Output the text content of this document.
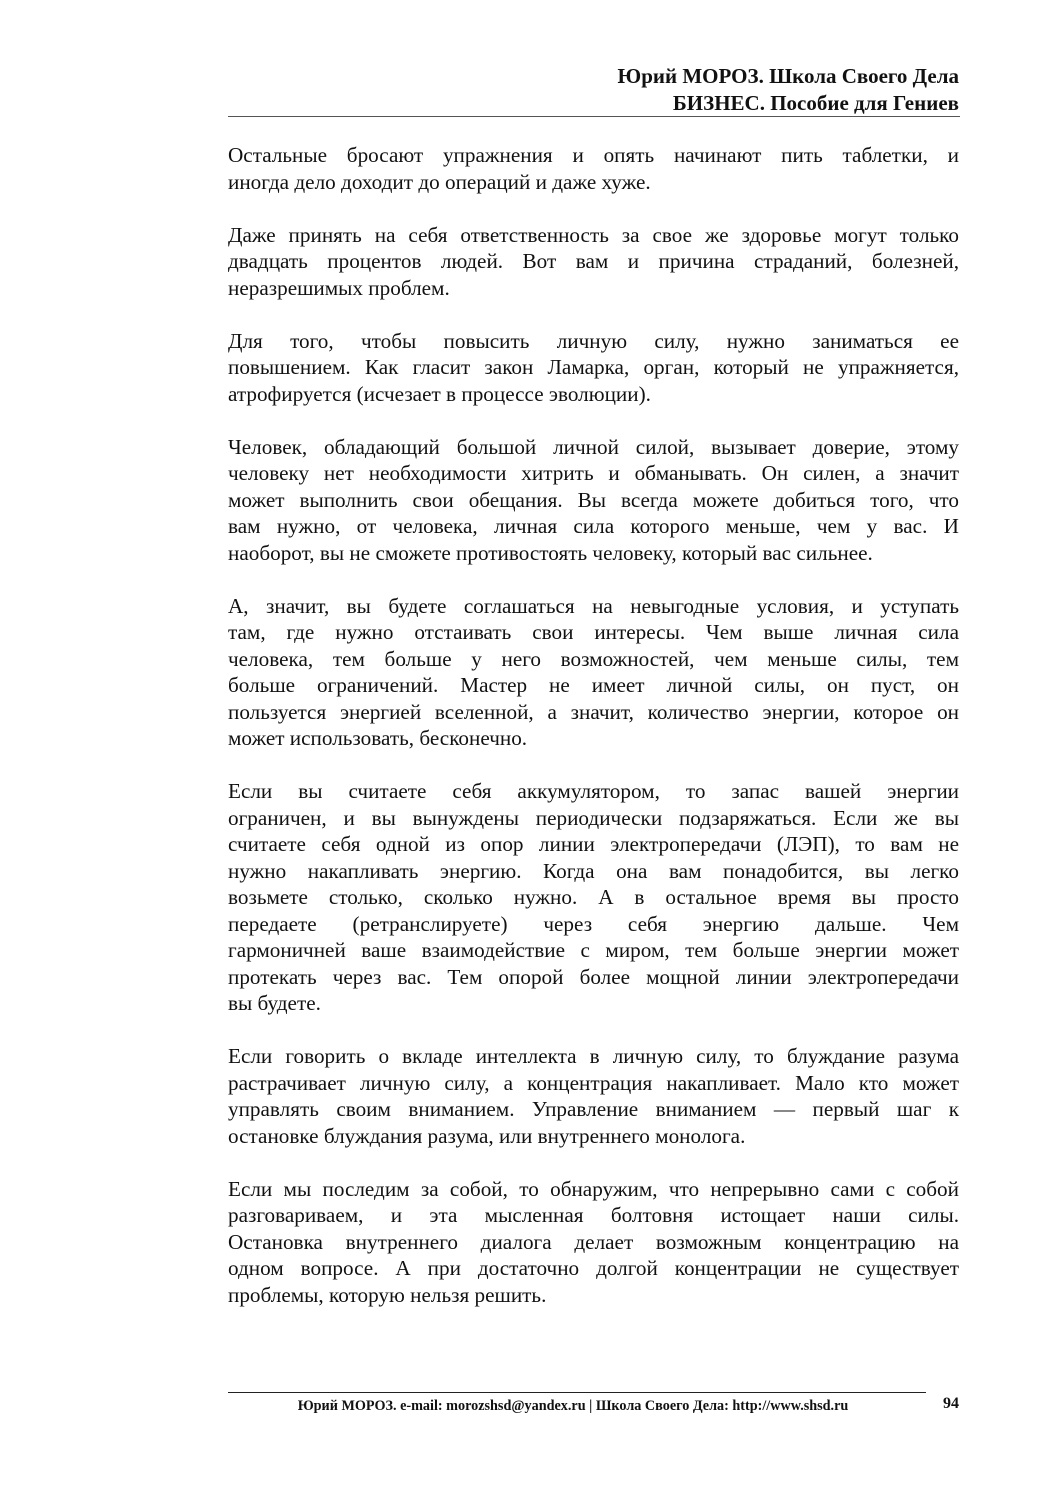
Юрий МОРОЗ. Школа Своего Дела
БИЗНЕС. Пособие для Гениев
Остальные бросают упражнения и опять начинают пить таблетки, и
иногда дело доходит до операций и даже хуже.
Даже принять на себя ответственность за свое же здоровье могут только
двадцать процентов людей. Вот вам и причина страданий, болезней,
неразрешимых проблем.
Для того, чтобы повысить личную силу, нужно заниматься ее
повышением. Как гласит закон Ламарка, орган, который не упражняется,
атрофируется (исчезает в процессе эволюции).
Человек, обладающий большой личной силой, вызывает доверие, этому
человеку нет необходимости хитрить и обманывать. Он силен, а значит
может выполнить свои обещания. Вы всегда можете добиться того, что
вам нужно, от человека, личная сила которого меньше, чем у вас. И
наоборот, вы не сможете противостоять человеку, который вас сильнее.
А, значит, вы будете соглашаться на невыгодные условия, и уступать
там, где нужно отстаивать свои интересы. Чем выше личная сила
человека, тем больше у него возможностей, чем меньше силы, тем
больше ограничений. Мастер не имеет личной силы, он пуст, он
пользуется энергией вселенной, а значит, количество энергии, которое он
может использовать, бесконечно.
Если вы считаете себя аккумулятором, то запас вашей энергии
ограничен, и вы вынуждены периодически подзаряжаться. Если же вы
считаете себя одной из опор линии электропередачи (ЛЭП), то вам не
нужно накапливать энергию. Когда она вам понадобится, вы легко
возьмете столько, сколько нужно. А в остальное время вы просто
передаете (ретранслируете) через себя энергию дальше. Чем
гармоничней ваше взаимодействие с миром, тем больше энергии может
протекать через вас. Тем опорой более мощной линии электропередачи
вы будете.
Если говорить о вкладе интеллекта в личную силу, то блуждание разума
растрачивает личную силу, а концентрация накапливает. Мало кто может
управлять своим вниманием. Управление вниманием — первый шаг к
остановке блуждания разума, или внутреннего монолога.
Если мы последим за собой, то обнаружим, что непрерывно сами с собой
разговариваем, и эта мысленная болтовня истощает наши силы.
Остановка внутреннего диалога делает возможным концентрацию на
одном вопросе. А при достаточно долгой концентрации не существует
проблемы, которую нельзя решить.
Юрий МОРОЗ. e-mail: morozshsd@yandex.ru | Школа Своего Дела: http://www.shsd.ru	94
